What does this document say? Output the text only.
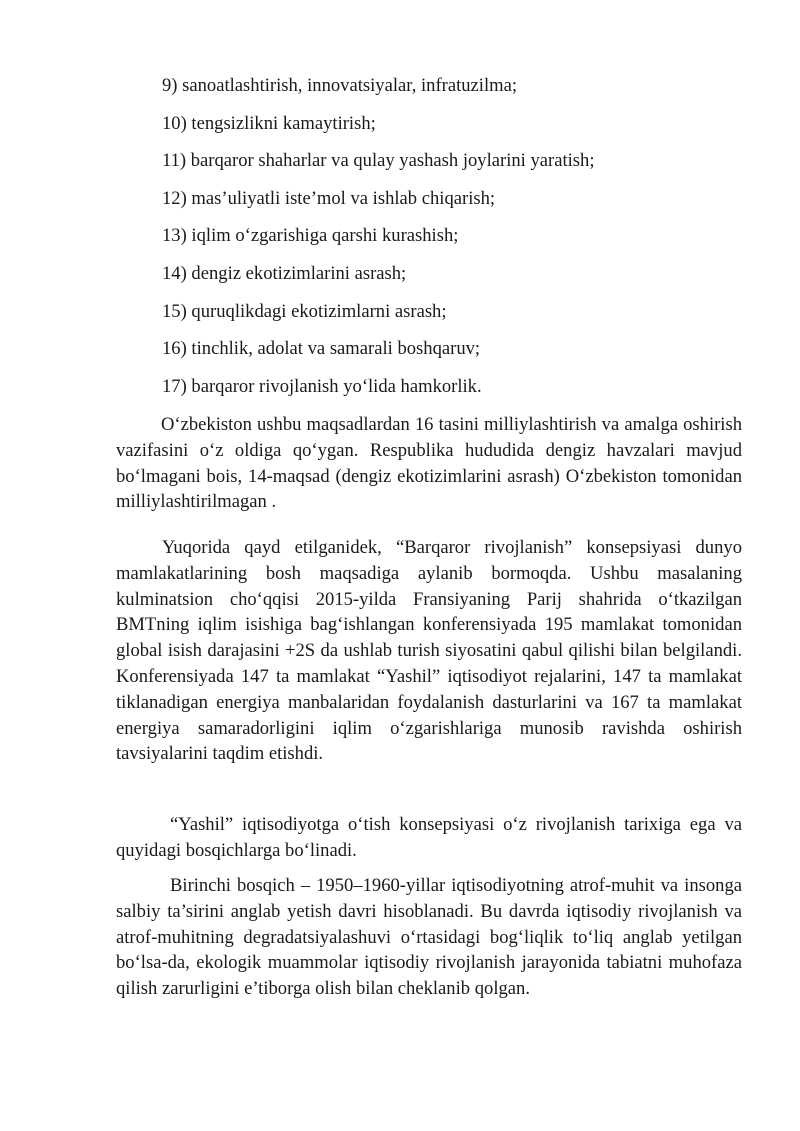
9) sanoatlashtirish, innovatsiyalar, infratuzilma;
10) tengsizlikni kamaytirish;
11) barqaror shaharlar va qulay yashash joylarini yaratish;
12) mas’uliyatli iste’mol va ishlab chiqarish;
13) iqlim o‘zgarishiga qarshi kurashish;
14) dengiz ekotizimlarini asrash;
15) quruqlikdagi ekotizimlarni asrash;
16) tinchlik, adolat va samarali boshqaruv;
17) barqaror rivojlanish yo‘lida hamkorlik.

O‘zbekiston ushbu maqsadlardan 16 tasini milliylashtirish va amalga oshirish vazifasini o‘z oldiga qo‘ygan. Respublika hududida dengiz havzalari mavjud bo‘lmagani bois, 14-maqsad (dengiz ekotizimlarini asrash) O‘zbekiston tomonidan milliylashtirilmagan .

Yuqorida qayd etilganidek, “Barqaror rivojlanish” konsepsiyasi dunyo mamlakatlarining bosh maqsadiga aylanib bormoqda. Ushbu masalaning kulminatsion cho‘qqisi 2015-yilda Fransiyaning Parij shahrida o‘tkazilgan BMTning iqlim isishiga bag‘ishlangan konferensiyada 195 mamlakat tomonidan global isish darajasini +2S da ushlab turish siyosatini qabul qilishi bilan belgilandi. Konferensiyada 147 ta mamlakat “Yashil” iqtisodiyot rejalarini, 147 ta mamlakat tiklanadigan energiya manbalaridan foydalanish dasturlarini va 167 ta mamlakat energiya samaradorligini iqlim o‘zgarishlariga munosib ravishda oshirish tavsiyalarini taqdim etishdi.

“Yashil” iqtisodiyotga o‘tish konsepsiyasi o‘z rivojlanish tarixiga ega va quyidagi bosqichlarga bo‘linadi.

Birinchi bosqich – 1950–1960-yillar iqtisodiyotning atrof-muhit va insonga salbiy ta’sirini anglab yetish davri hisoblanadi. Bu davrda iqtisodiy rivojlanish va atrof-muhitning degradatsiyalashuvi o‘rtasidagi bog‘liqlik to‘liq anglab yetilgan bo‘lsa-da, ekologik muammolar iqtisodiy rivojlanish jarayonida tabiatni muhofaza qilish zarurligini e’tiborga olish bilan cheklanib qolgan.
